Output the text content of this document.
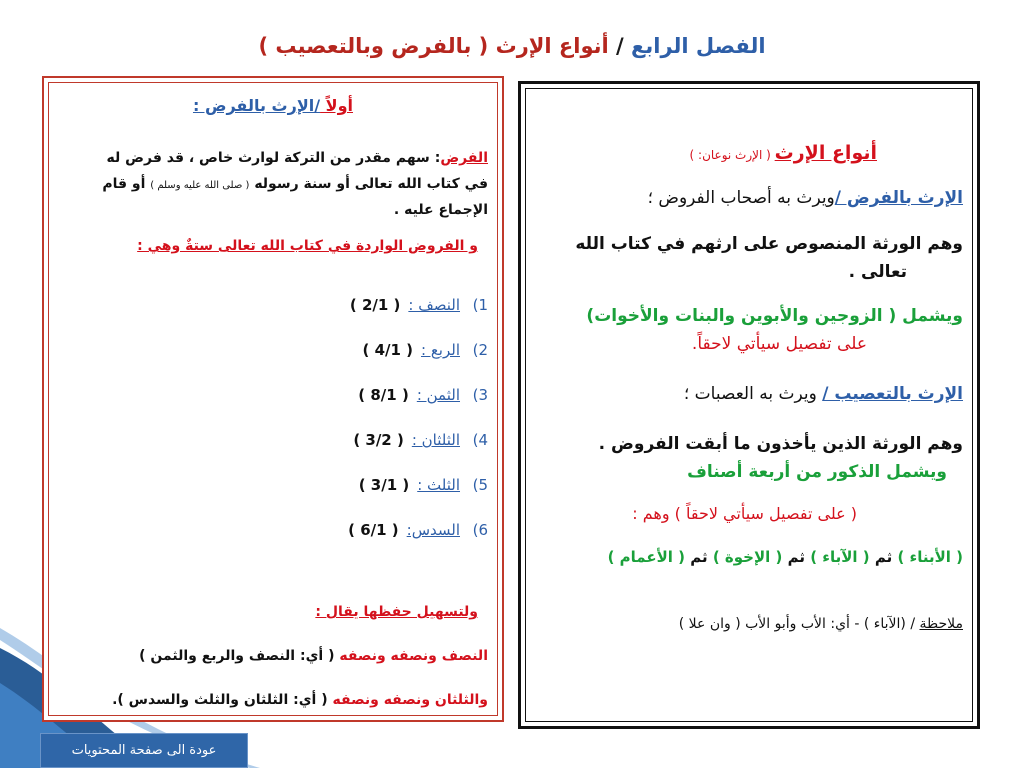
الفصل الرابع / أنواع الإرث ( بالفرض وبالتعصيب )
أولاً /الإرث بالفرض :
الفرض: سهم مقدر من التركة لوارث خاص ، قد فرض له
في كتاب الله تعالى أو سنة رسوله ( صلى الله عليه وسلم ) أو قام
الإجماع عليه .
و الفروض الواردة في كتاب الله تعالى ستةٌ وهي :
1)النصف :( 2/1 )
2)الربع :( 4/1 )
3)الثمن :( 8/1 )
4)الثلثان :( 3/2 )
5)الثلث :( 3/1 )
6)السدس:( 6/1 )
ولتسهيل حفظها يقال :
النصف ونصفه ونصفه ( أي: النصف والربع والثمن )
والثلثان ونصفه ونصفه ( أي: الثلثان والثلث والسدس ).
أنواع الإرث ( الإرث نوعان: )
الإرث بالفرض /ويرث به أصحاب الفروض ؛
وهم الورثة المنصوص على ارثهم في كتاب الله
تعالى .
ويشمل ( الزوجين والأبوين والبنات والأخوات)
على تفصيل سيأتي لاحقاً.
الإرث بالتعصيب / ويرث به العصبات ؛
وهم الورثة الذين يأخذون ما أبقت الفروض .
ويشمل الذكور من أربعة أصناف
( على تفصيل سيأتي لاحقاً ) وهم :
( الأبناء ) ثم ( الآباء ) ثم ( الإخوة ) ثم ( الأعمام )
ملاحظة / (الآباء ) - أي: الأب وأبو الأب ( وان علا )
عودة الى صفحة المحتويات
